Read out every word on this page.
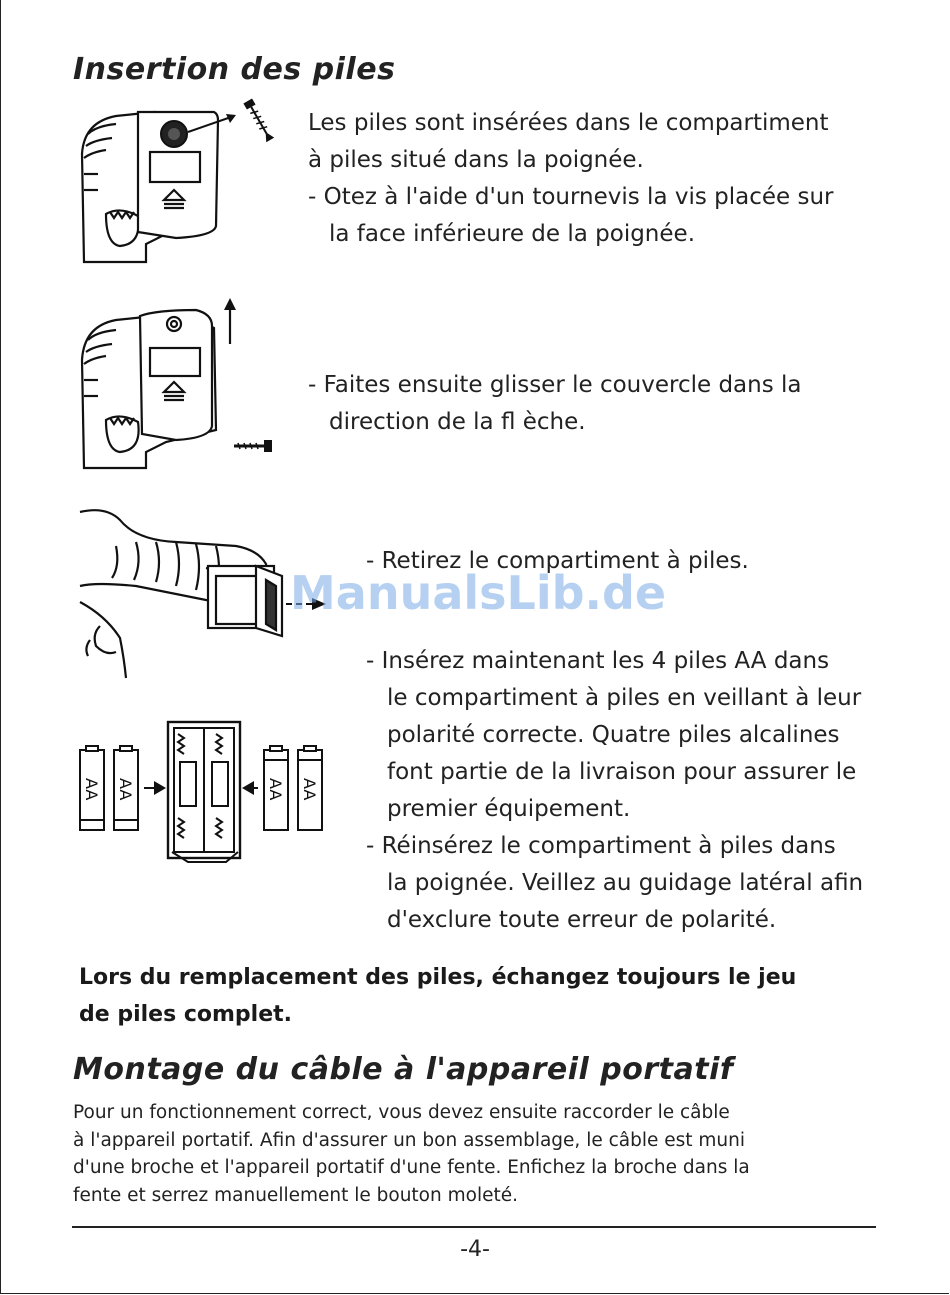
Insertion des piles
Les piles sont insérées dans le compartiment
à piles situé dans la poignée.
- Otez à l'aide d'un tournevis la vis placée sur
la face inférieure de la poignée.
- Faites ensuite glisser le couvercle dans la
direction de la fl èche.
- Retirez le compartiment à piles.
ManualsLib.de
AA AA	AA AA
- Insérez maintenant les 4 piles AA dans
le compartiment à piles en veillant à leur
polarité correcte. Quatre piles alcalines
font partie de la livraison pour assurer le
premier équipement.
- Réinsérez le compartiment à piles dans
la poignée. Veillez au guidage latéral afin
d'exclure toute erreur de polarité.
Lors du remplacement des piles, échangez toujours le jeu
de piles complet.
Montage du câble à l'appareil portatif
Pour un fonctionnement correct, vous devez ensuite raccorder le câble
à l'appareil portatif. Afin d'assurer un bon assemblage, le câble est muni
d'une broche et l'appareil portatif d'une fente. Enfichez la broche dans la
fente et serrez manuellement le bouton moleté.
-4-
